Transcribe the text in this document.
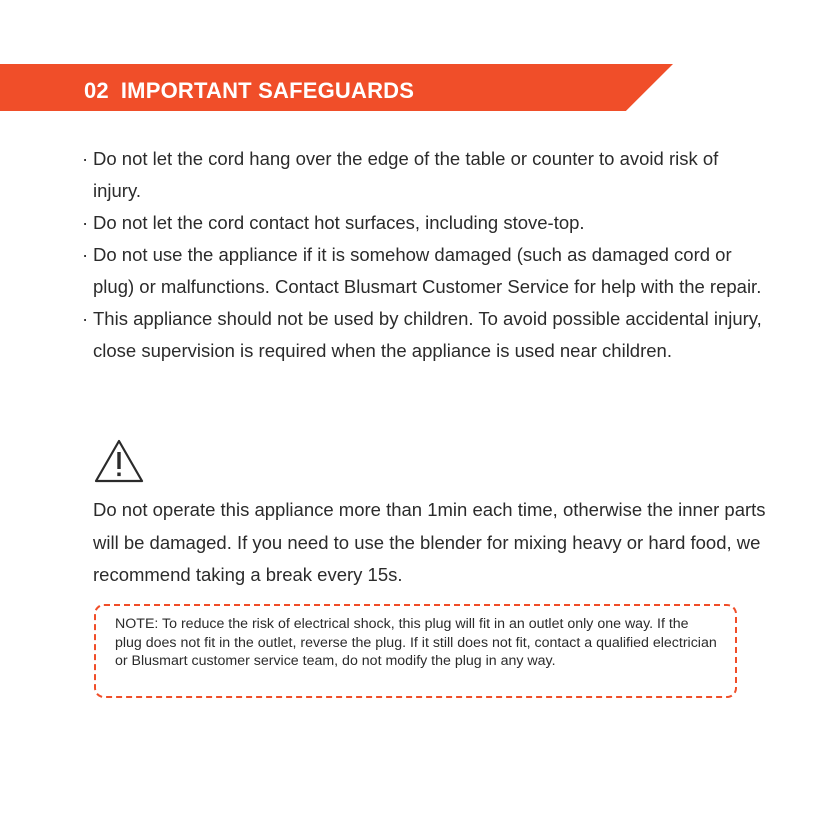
02 IMPORTANT SAFEGUARDS
· Do not let the cord hang over the edge of the table or counter to avoid risk of injury.
· Do not let the cord contact hot surfaces, including stove-top.
· Do not use the appliance if it is somehow damaged (such as damaged cord or plug) or malfunctions. Contact Blusmart Customer Service for help with the repair.
· This appliance should not be used by children. To avoid possible accidental injury, close supervision is required when the appliance is used near children.
Do not operate this appliance more than 1min each time, otherwise the inner parts will be damaged. If you need to use the blender for mixing heavy or hard food, we recommend taking a break every 15s.
NOTE: To reduce the risk of electrical shock, this plug will fit in an outlet only one way. If the plug does not fit in the outlet, reverse the plug. If it still does not fit, contact a qualified electrician or Blusmart customer service team, do not modify the plug in any way.
